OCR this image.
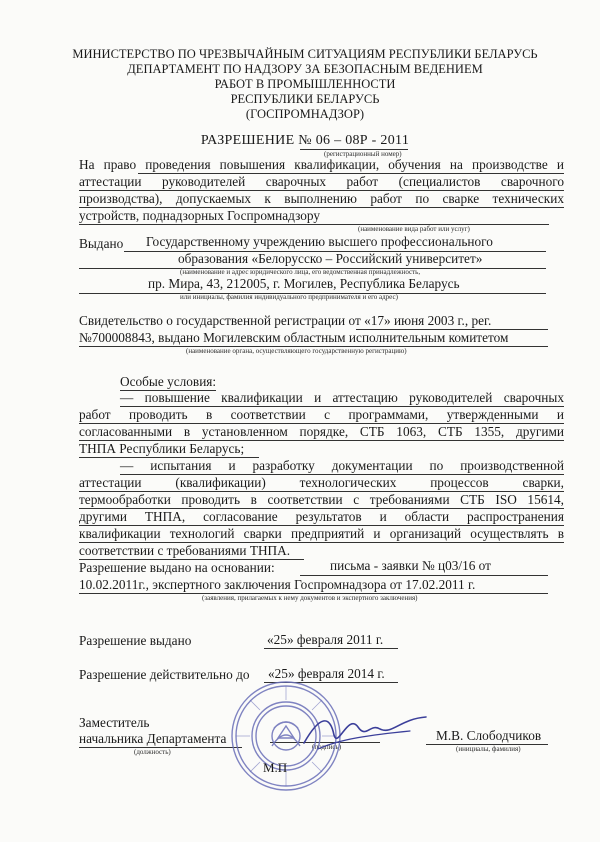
МИНИСТЕРСТВО ПО ЧРЕЗВЫЧАЙНЫМ СИТУАЦИЯМ РЕСПУБЛИКИ БЕЛАРУСЬ
ДЕПАРТАМЕНТ ПО НАДЗОРУ ЗА БЕЗОПАСНЫМ ВЕДЕНИЕМ
РАБОТ В ПРОМЫШЛЕННОСТИ
РЕСПУБЛИКИ БЕЛАРУСЬ
(ГОСПРОМНАДЗОР)
РАЗРЕШЕНИЕ № 06 – 08Р - 2011
(регистрационный номер)
На право проведения повышения квалификации, обучения на производстве и
аттестации руководителей сварочных работ (специалистов сварочного
производства), допускаемых к выполнению работ по сварке технических
устройств, поднадзорных Госпромнадзору
(наименование вида работ или услуг)
Выдано Государственному учреждению высшего профессионального
образования «Белорусско – Российский университет»
(наименование и адрес юридического лица, его ведомственная принадлежность,
пр. Мира, 43, 212005, г. Могилев, Республика Беларусь
или инициалы, фамилия индивидуального предпринимателя и его адрес)
Свидетельство о государственной регистрации от «17» июня 2003 г., рег.
№700008843, выдано Могилевским областным исполнительным комитетом
(наименование органа, осуществляющего государственную регистрацию)
Особые условия:
— повышение квалификации и аттестацию руководителей сварочных
работ проводить в соответствии с программами, утвержденными и
согласованными в установленном порядке, СТБ 1063, СТБ 1355, другими
ТНПА Республики Беларусь;
— испытания и разработку документации по производственной
аттестации (квалификации) технологических процессов сварки,
термообработки проводить в соответствии с требованиями СТБ ISO 15614,
другими ТНПА, согласование результатов и области распространения
квалификации технологий сварки предприятий и организаций осуществлять в
соответствии с требованиями ТНПА.
Разрешение выдано на основании:	письма - заявки № ц03/16 от
10.02.2011г., экспертного заключения Госпромнадзора от 17.02.2011 г.
(заявления, прилагаемых к нему документов и экспертного заключения)
Разрешение выдано	«25» февраля 2011 г.
Разрешение действительно до «25» февраля 2014 г.
Заместитель
начальника Департамента
(должность)
(подпись)
М.В. Слободчиков
(инициалы, фамилия)
М.П
